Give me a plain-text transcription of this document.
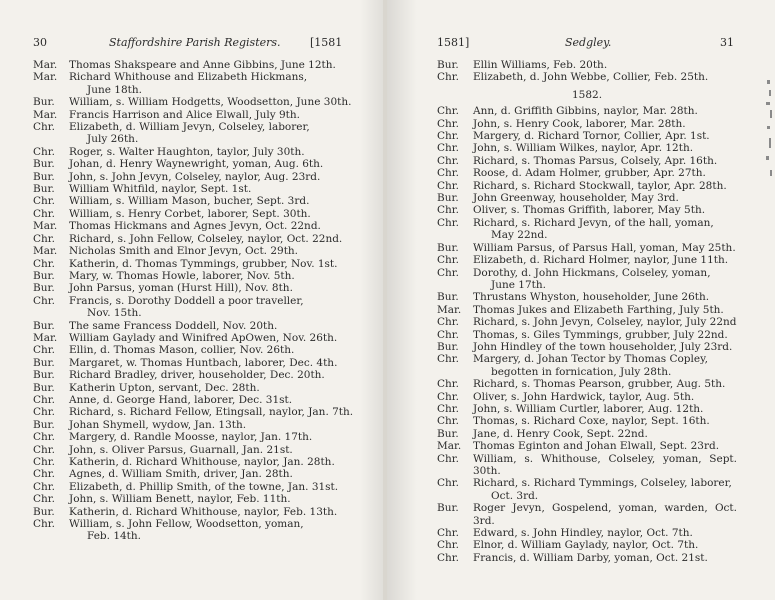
30	Staffordshire Parish Registers.	[1581	1581]	Sedgley.	31
Mar.	Thomas Shakspeare and Anne Gibbins, June 12th.
Mar.	Richard Whithouse and Elizabeth Hickmans,
June 18th.
Bur.	William, s. William Hodgetts, Woodsetton, June 30th.
Mar.	Francis Harrison and Alice Elwall, July 9th.
Chr.	Elizabeth, d. William Jevyn, Colseley, laborer,
July 26th.
Chr.	Roger, s. Walter Haughton, taylor, July 30th.
Bur.	Johan, d. Henry Waynewright, yoman, Aug. 6th.
Bur.	John, s. John Jevyn, Colseley, naylor, Aug. 23rd.
Bur.	William Whitfild, naylor, Sept. 1st.
Chr.	William, s. William Mason, bucher, Sept. 3rd.
Chr.	William, s. Henry Corbet, laborer, Sept. 30th.
Mar.	Thomas Hickmans and Agnes Jevyn, Oct. 22nd.
Chr.	Richard, s. John Fellow, Colseley, naylor, Oct. 22nd.
Mar.	Nicholas Smith and Elnor Jevyn, Oct. 29th.
Chr.	Katherin, d. Thomas Tymmings, grubber, Nov. 1st.
Bur.	Mary, w. Thomas Howle, laborer, Nov. 5th.
Bur.	John Parsus, yoman (Hurst Hill), Nov. 8th.
Chr.	Francis, s. Dorothy Doddell a poor traveller,
Nov. 15th.
Bur.	The same Francess Doddell, Nov. 20th.
Mar.	William Gaylady and Winifred ApOwen, Nov. 26th.
Chr.	Ellin, d. Thomas Mason, collier, Nov. 26th.
Bur.	Margaret, w. Thomas Huntbach, laborer, Dec. 4th.
Bur.	Richard Bradley, driver, householder, Dec. 20th.
Bur.	Katherin Upton, servant, Dec. 28th.
Chr.	Anne, d. George Hand, laborer, Dec. 31st.
Chr.	Richard, s. Richard Fellow, Etingsall, naylor, Jan. 7th.
Bur.	Johan Shymell, wydow, Jan. 13th.
Chr.	Margery, d. Randle Moosse, naylor, Jan. 17th.
Chr.	John, s. Oliver Parsus, Guarnall, Jan. 21st.
Chr.	Katherin, d. Richard Whithouse, naylor, Jan. 28th.
Chr.	Agnes, d. William Smith, driver, Jan. 28th.
Chr.	Elizabeth, d. Phillip Smith, of the towne, Jan. 31st.
Chr.	John, s. William Benett, naylor, Feb. 11th.
Bur.	Katherin, d. Richard Whithouse, naylor, Feb. 13th.
Chr.	William, s. John Fellow, Woodsetton, yoman,
Feb. 14th.
Bur.	Ellin Williams, Feb. 20th.
Chr.	Elizabeth, d. John Webbe, Collier, Feb. 25th.
1582.
Chr.	Ann, d. Griffith Gibbins, naylor, Mar. 28th.
Chr.	John, s. Henry Cook, laborer, Mar. 28th.
Chr.	Margery, d. Richard Tornor, Collier, Apr. 1st.
Chr.	John, s. William Wilkes, naylor, Apr. 12th.
Chr.	Richard, s. Thomas Parsus, Colsely, Apr. 16th.
Chr.	Roose, d. Adam Holmer, grubber, Apr. 27th.
Chr.	Richard, s. Richard Stockwall, taylor, Apr. 28th.
Bur.	John Greenway, householder, May 3rd.
Chr.	Oliver, s. Thomas Griffith, laborer, May 5th.
Chr.	Richard, s. Richard Jevyn, of the hall, yoman,
May 22nd.
Bur.	William Parsus, of Parsus Hall, yoman, May 25th.
Chr.	Elizabeth, d. Richard Holmer, naylor, June 11th.
Chr.	Dorothy, d. John Hickmans, Colseley, yoman,
June 17th.
Bur.	Thrustans Whyston, householder, June 26th.
Mar.	Thomas Jukes and Elizabeth Farthing, July 5th.
Chr.	Richard, s. John Jevyn, Colseley, naylor, July 22nd
Chr.	Thomas, s. Giles Tymmings, grubber, July 22nd.
Bur.	John Hindley of the town householder, July 23rd.
Chr.	Margery, d. Johan Tector by Thomas Copley,
begotten in fornication, July 28th.
Chr.	Richard, s. Thomas Pearson, grubber, Aug. 5th.
Chr.	Oliver, s. John Hardwick, taylor, Aug. 5th.
Chr.	John, s. William Curtler, laborer, Aug. 12th.
Chr.	Thomas, s. Richard Coxe, naylor, Sept. 16th.
Bur.	Jane, d. Henry Cook, Sept. 22nd.
Mar.	Thomas Eginton and Johan Elwall, Sept. 23rd.
Chr.	William, s. Whithouse, Colseley, yoman, Sept. 30th.
Chr.	Richard, s. Richard Tymmings, Colseley, laborer,
Oct. 3rd.
Bur.	Roger Jevyn, Gospelend, yoman, warden, Oct. 3rd.
Chr.	Edward, s. John Hindley, naylor, Oct. 7th.
Chr.	Elnor, d. William Gaylady, naylor, Oct. 7th.
Chr.	Francis, d. William Darby, yoman, Oct. 21st.
